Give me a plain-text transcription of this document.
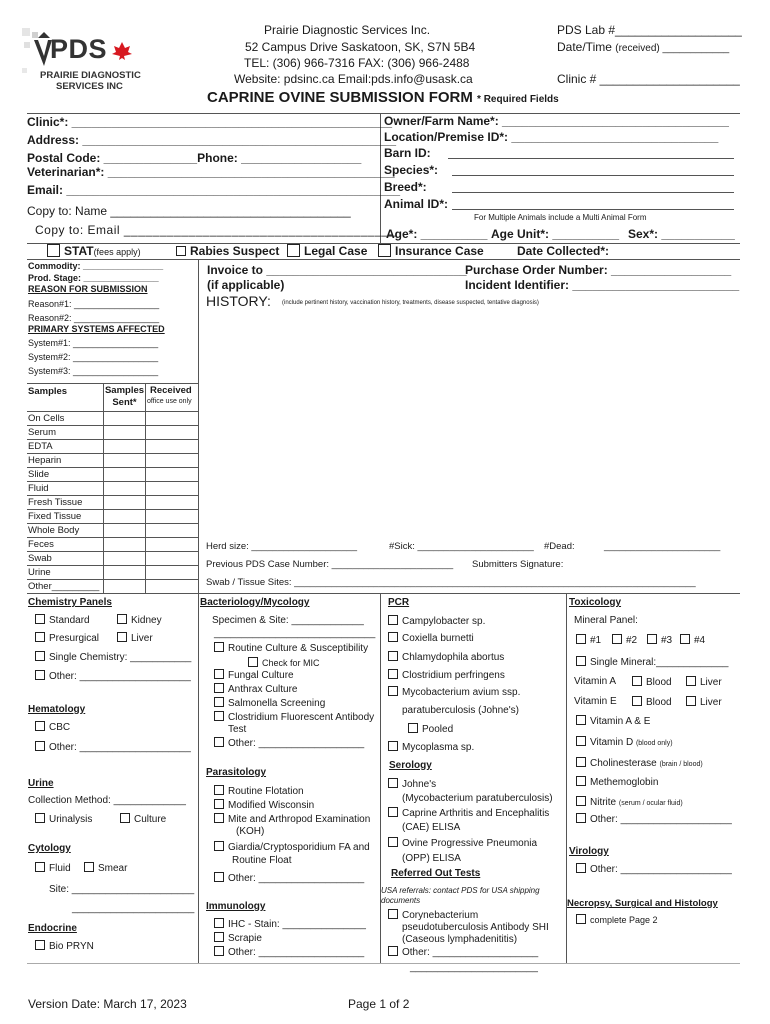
PDS
PRAIRIE DIAGNOSTIC
SERVICES INC
Prairie Diagnostic Services Inc.
52 Campus Drive Saskatoon, SK, S7N 5B4
TEL: (306) 966-7316 FAX: (306) 966-2488
Website: pdsinc.ca Email:pds.info@usask.ca
PDS Lab #___________________
Date/Time (received) ____________
Clinic # _____________________
CAPRINE OVINE SUBMISSION FORM * Required Fields
Clinic*: ________________________________________________
Address: _______________________________________________
Postal Code: ______________Phone: __________________
Veterinarian*: ___________________________________________
Email: __________________________________________________
Copy to: Name ____________________________________
Copy to: Email ______________________________________
Owner/Farm Name*: __________________________________
Location/Premise ID*: _______________________________
Barn ID:
Species*:
Breed*:
Animal ID*:
For Multiple Animals include a Multi Animal Form
Age*: __________ Age Unit*: __________ Sex*: ___________
STAT(fees apply)	Rabies Suspect	Legal Case	Insurance Case	Date Collected*:
Commodity: ________________
Prod. Stage: _______________
REASON FOR SUBMISSION
Reason#1: _________________
Reason#2: _________________
PRIMARY SYSTEMS AFFECTED
System#1: _________________
System#2: _________________
System#3: _________________
Samples	Samples Sent*
Received
office use only
On Cells
Serum
EDTA
Heparin
Slide
Fluid
Fresh Tissue
Fixed Tissue
Whole Body
Feces
Swab
Urine
Other_________
Invoice to ______________________________
(if applicable)
Purchase Order Number: __________________
Incident Identifier: _________________________
HISTORY: (include pertinent history, vaccination history, treatments, disease suspected, tentative diagnosis)
Herd size: ____________________	#Sick: ______________________ #Dead:	______________________
Previous PDS Case Number: _______________________ Submitters Signature:
Swab / Tissue Sites: ____________________________________________________________________________
Chemistry Panels
Standard	Kidney
Presurgical	Liver
Single Chemistry: ___________
Other: ____________________
Hematology
CBC
Other: ____________________
Urine
Collection Method: _____________
Urinalysis	Culture
Cytology
Fluid	Smear
Site: ______________________
______________________
Endocrine
Bio PRYN
Bacteriology/Mycology
Specimen & Site: _____________
_____________________________
Routine Culture & Susceptibility
Check for MIC
Fungal Culture
Anthrax Culture
Salmonella Screening
Clostridium Fluorescent Antibody
Test
Other: ___________________
Parasitology
Routine Flotation
Modified Wisconsin
Mite and Arthropod Examination
(KOH)
Giardia/Cryptosporidium FA and
Routine Float
Other: ___________________
Immunology
IHC - Stain: _______________
Scrapie
Other: ___________________
PCR
Campylobacter sp.
Coxiella burnetti
Chlamydophila abortus
Clostridium perfringens
Mycobacterium avium ssp.
paratuberculosis (Johne's)
Pooled
Mycoplasma sp.
Serology
Johne's
(Mycobacterium paratuberculosis)
Caprine Arthritis and Encephalitis
(CAE) ELISA
Ovine Progressive Pneumonia
(OPP) ELISA
Referred Out Tests
USA referrals: contact PDS for USA shipping documents
Corynebacterium
pseudotuberculosis Antibody SHI
(Caseous lymphadenititis)
Other: ___________________
_______________________
Toxicology
Mineral Panel:
#1	#2	#3	#4
Single Mineral:_____________
Vitamin A	Blood	Liver
Vitamin E	Blood	Liver
Vitamin A & E
Vitamin D (blood only)
Cholinesterase (brain / blood)
Methemoglobin
Nitrite (serum / ocular fluid)
Other: ____________________
Virology
Other: ____________________
Necropsy, Surgical and Histology
complete Page 2
Version Date: March 17, 2023	Page 1 of 2
